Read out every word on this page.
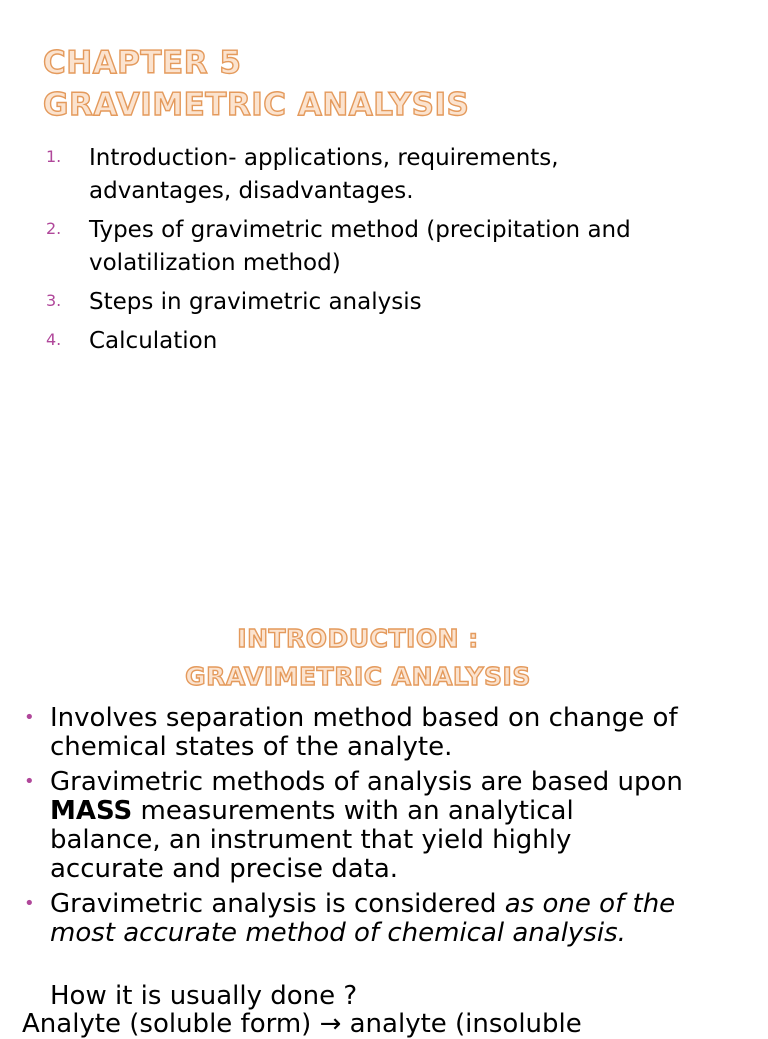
CHAPTER 5
GRAVIMETRIC ANALYSIS
1.	Introduction- applications, requirements, advantages, disadvantages.
2.	Types of gravimetric method (precipitation and volatilization method)
3.	Steps in gravimetric analysis
4.	Calculation
INTRODUCTION :
GRAVIMETRIC ANALYSIS
• Involves separation method based on change of chemical states of the analyte.
• Gravimetric methods of analysis are based upon MASS measurements with an analytical balance, an instrument that yield highly accurate and precise data.
• Gravimetric analysis is considered as one of the most accurate method of chemical analysis.
How it is usually done ?
Analyte (soluble form) → analyte (insoluble
